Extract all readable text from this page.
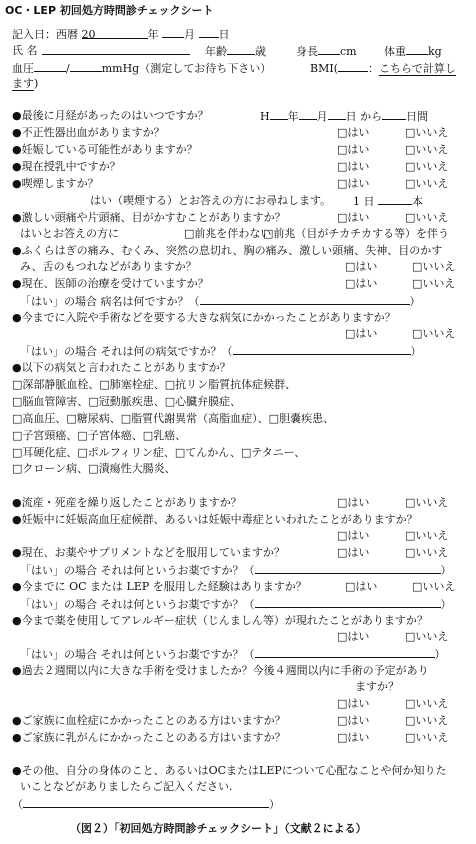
OC・LEP 初回処方時問診チェックシート
記入日：西暦 20	年 月 日
氏 名	年齢	歳	身長 cm 体重 kg
血圧	/	mmHg（測定してお待ち下さい）	BMI(	：こちらで計算し
ます)
●最後に月経があったのはいつですか？	H 年 月 日 から 日間
●不正性器出血がありますか？	□はい	□いいえ
●妊娠している可能性がありますか？	□はい	□いいえ
●現在授乳中ですか？	□はい	□いいえ
●喫煙しますか？	□はい	□いいえ
はい（喫煙する）とお答えの方にお尋ねします。 1 日	本
●激しい頭痛や片頭痛、目がかすむことがありますか？	□はい	□いいえ
はいとお答えの方に	□前兆を伴わない
□前兆（目がチカチカする等）を伴う
●ふくらはぎの痛み、むくみ、突然の息切れ、胸の痛み、激しい頭痛、失神、目のかす
み、舌のもつれなどがありますか？	□はい	□いいえ
●現在、医師の治療を受けていますか？	□はい	□いいえ
「はい」の場合 病名は何ですか？（	）
●今までに入院や手術などを要する大きな病気にかかったことがありますか？
□はい	□いいえ
「はい」の場合 それは何の病気ですか？（	）
●以下の病気と言われたことがありますか？
□深部静脈血栓、□肺塞栓症、□抗リン脂質抗体症候群、
□脳血管障害、□冠動脈疾患、□心臓弁膜症、
□高血圧、□糖尿病、□脂質代謝異常（高脂血症）、□胆嚢疾患、
□子宮頸癌、□子宮体癌、□乳癌、
□耳硬化症、□ポルフィリン症、□てんかん、□テタニー、
□クローン病、□潰瘍性大腸炎、
●流産・死産を繰り返したことがありますか？	□はい	□いいえ
●妊娠中に妊娠高血圧症候群、あるいは妊娠中毒症といわれたことがありますか？
□はい	□いいえ
●現在、お薬やサプリメントなどを服用していますか？	□はい	□いいえ
「はい」の場合 それは何というお薬ですか？（	）
●今までに OC または LEP を服用した経験はありますか？	□はい	□いいえ
「はい」の場合 それは何というお薬ですか？（	）
●今まで薬を使用してアレルギー症状（じんましん等）が現れたことがありますか？
□はい	□いいえ
「はい」の場合 それは何というお薬ですか？（	）
●過去２週間以内に大きな手術を受けましたか？今後４週間以内に手術の予定があり
ますか？
□はい	□いいえ
●ご家族に血栓症にかかったことのある方はいますか？	□はい	□いいえ
●ご家族に乳がんにかかったことのある方はいますか？	□はい	□いいえ
●その他、自分の身体のこと、あるいはOCまたはLEPについて心配なことや何か知りた
いことなどがありましたらご記入ください.
（	）
（図２）「初回処方時問診チェックシート」（文献２による）
